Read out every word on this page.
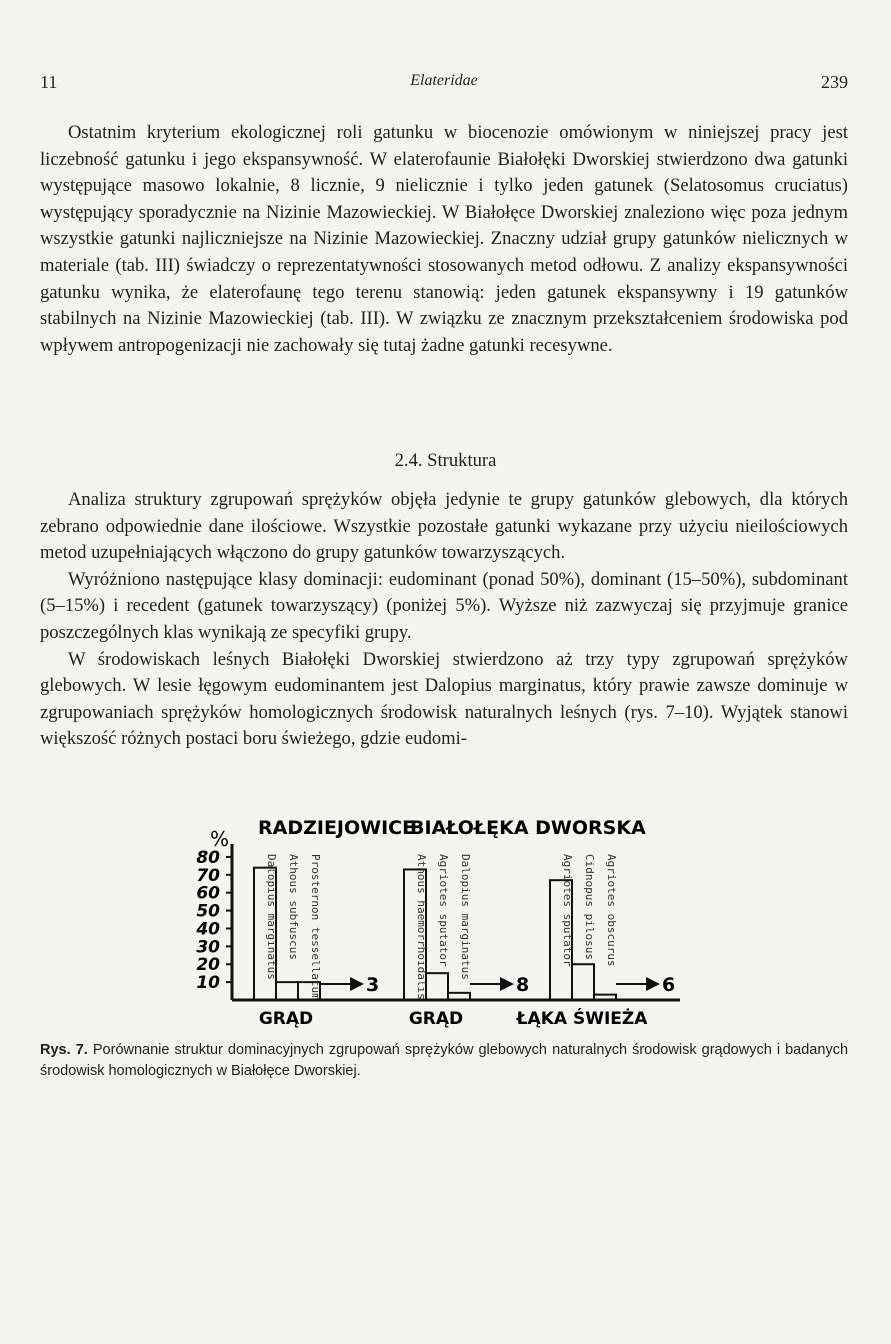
11	Elateridae	239

Ostatnim kryterium ekologicznej roli gatunku w biocenozie omówionym w niniejszej pracy jest liczebność gatunku i jego ekspansywność. W elaterofaunie Białołęki Dworskiej stwierdzono dwa gatunki występujące masowo lokalnie, 8 licznie, 9 nielicznie i tylko jeden gatunek (Selatosomus cruciatus) występujący sporadycznie na Nizinie Mazowieckiej. W Białołęce Dworskiej znaleziono więc poza jednym wszystkie gatunki najliczniejsze na Nizinie Mazowieckiej. Znaczny udział grupy gatunków nielicznych w materiale (tab. III) świadczy o reprezentatywności stosowanych metod odłowu. Z analizy ekspansywności gatunku wynika, że elaterofaunę tego terenu stanowią: jeden gatunek ekspansywny i 19 gatunków stabilnych na Nizinie Mazowieckiej (tab. III). W związku ze znacznym przekształceniem środowiska pod wpływem antropogenizacji nie zachowały się tutaj żadne gatunki recesywne.

2.4. Struktura

Analiza struktury zgrupowań sprężyków objęła jedynie te grupy gatunków glebowych, dla których zebrano odpowiednie dane ilościowe. Wszystkie pozostałe gatunki wykazane przy użyciu nieilościowych metod uzupełniających włączono do grupy gatunków towarzyszących.

Wyróżniono następujące klasy dominacji: eudominant (ponad 50%), dominant (15–50%), subdominant (5–15%) i recedent (gatunek towarzyszący) (poniżej 5%). Wyższe niż zazwyczaj się przyjmuje granice poszczególnych klas wynikają ze specyfiki grupy.

W środowiskach leśnych Białołęki Dworskiej stwierdzono aż trzy typy zgrupowań sprężyków glebowych. W lesie łęgowym eudominantem jest Dalopius marginatus, który prawie zawsze dominuje w zgrupowaniach sprężyków homologicznych środowisk naturalnych leśnych (rys. 7–10). Wyjątek stanowi większość różnych postaci boru świeżego, gdzie eudomi-

% RADZIEJOWICE
BIAŁOŁĘKA DWORSKA
10
20
30
40
50
60
70
80	Dalopius marginatus Athous subfuscus Prosternon tessellatum 3
GRĄD
Athous haemorrhoidalis Agriotes sputator Dalopius marginatus
8
GRĄD
Agriotes sputator Cidnopus pilosus Agriotes obscurus
6
ŁĄKA ŚWIEŻA
Rys. 7. Porównanie struktur dominacyjnych zgrupowań sprężyków glebowych naturalnych środowisk grądowych i badanych środowisk homologicznych w Białołęce Dworskiej.
